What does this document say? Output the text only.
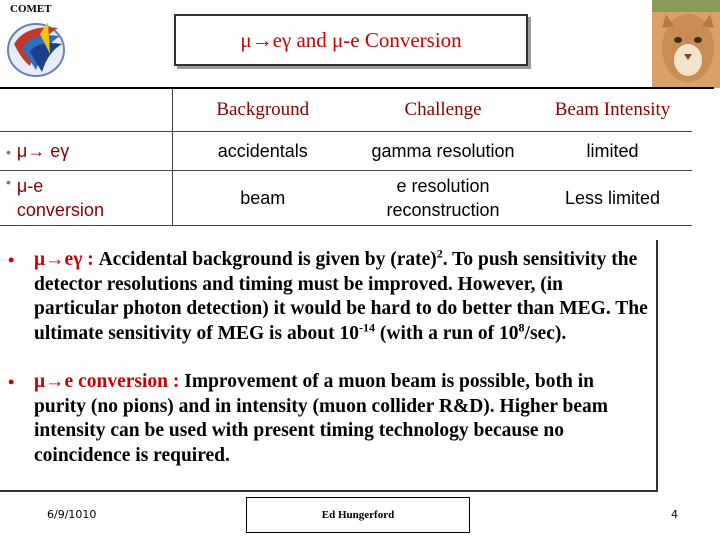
COMET
μ→eγ and μ-e Conversion
	Background	Challenge	Beam Intensity
• μ→ eγ	accidentals	gamma resolution	limited

• μ-e conversion	beam	e resolution reconstruction	Less limited
• μ→eγ : Accidental background is given by (rate)$^2$. To push sensitivity the detector resolutions and timing must be improved. However, (in particular photon detection) it would be hard to do better than MEG. The ultimate sensitivity of MEG is about $10^{-14}$ (with a run of $10^8/\sec$).
• μ→e conversion : Improvement of a muon beam is possible, both in purity (no pions) and in intensity (muon collider R&D). Higher beam intensity can be used with present timing technology because no coincidence is required.
6/9/1010	Ed Hungerford	4
